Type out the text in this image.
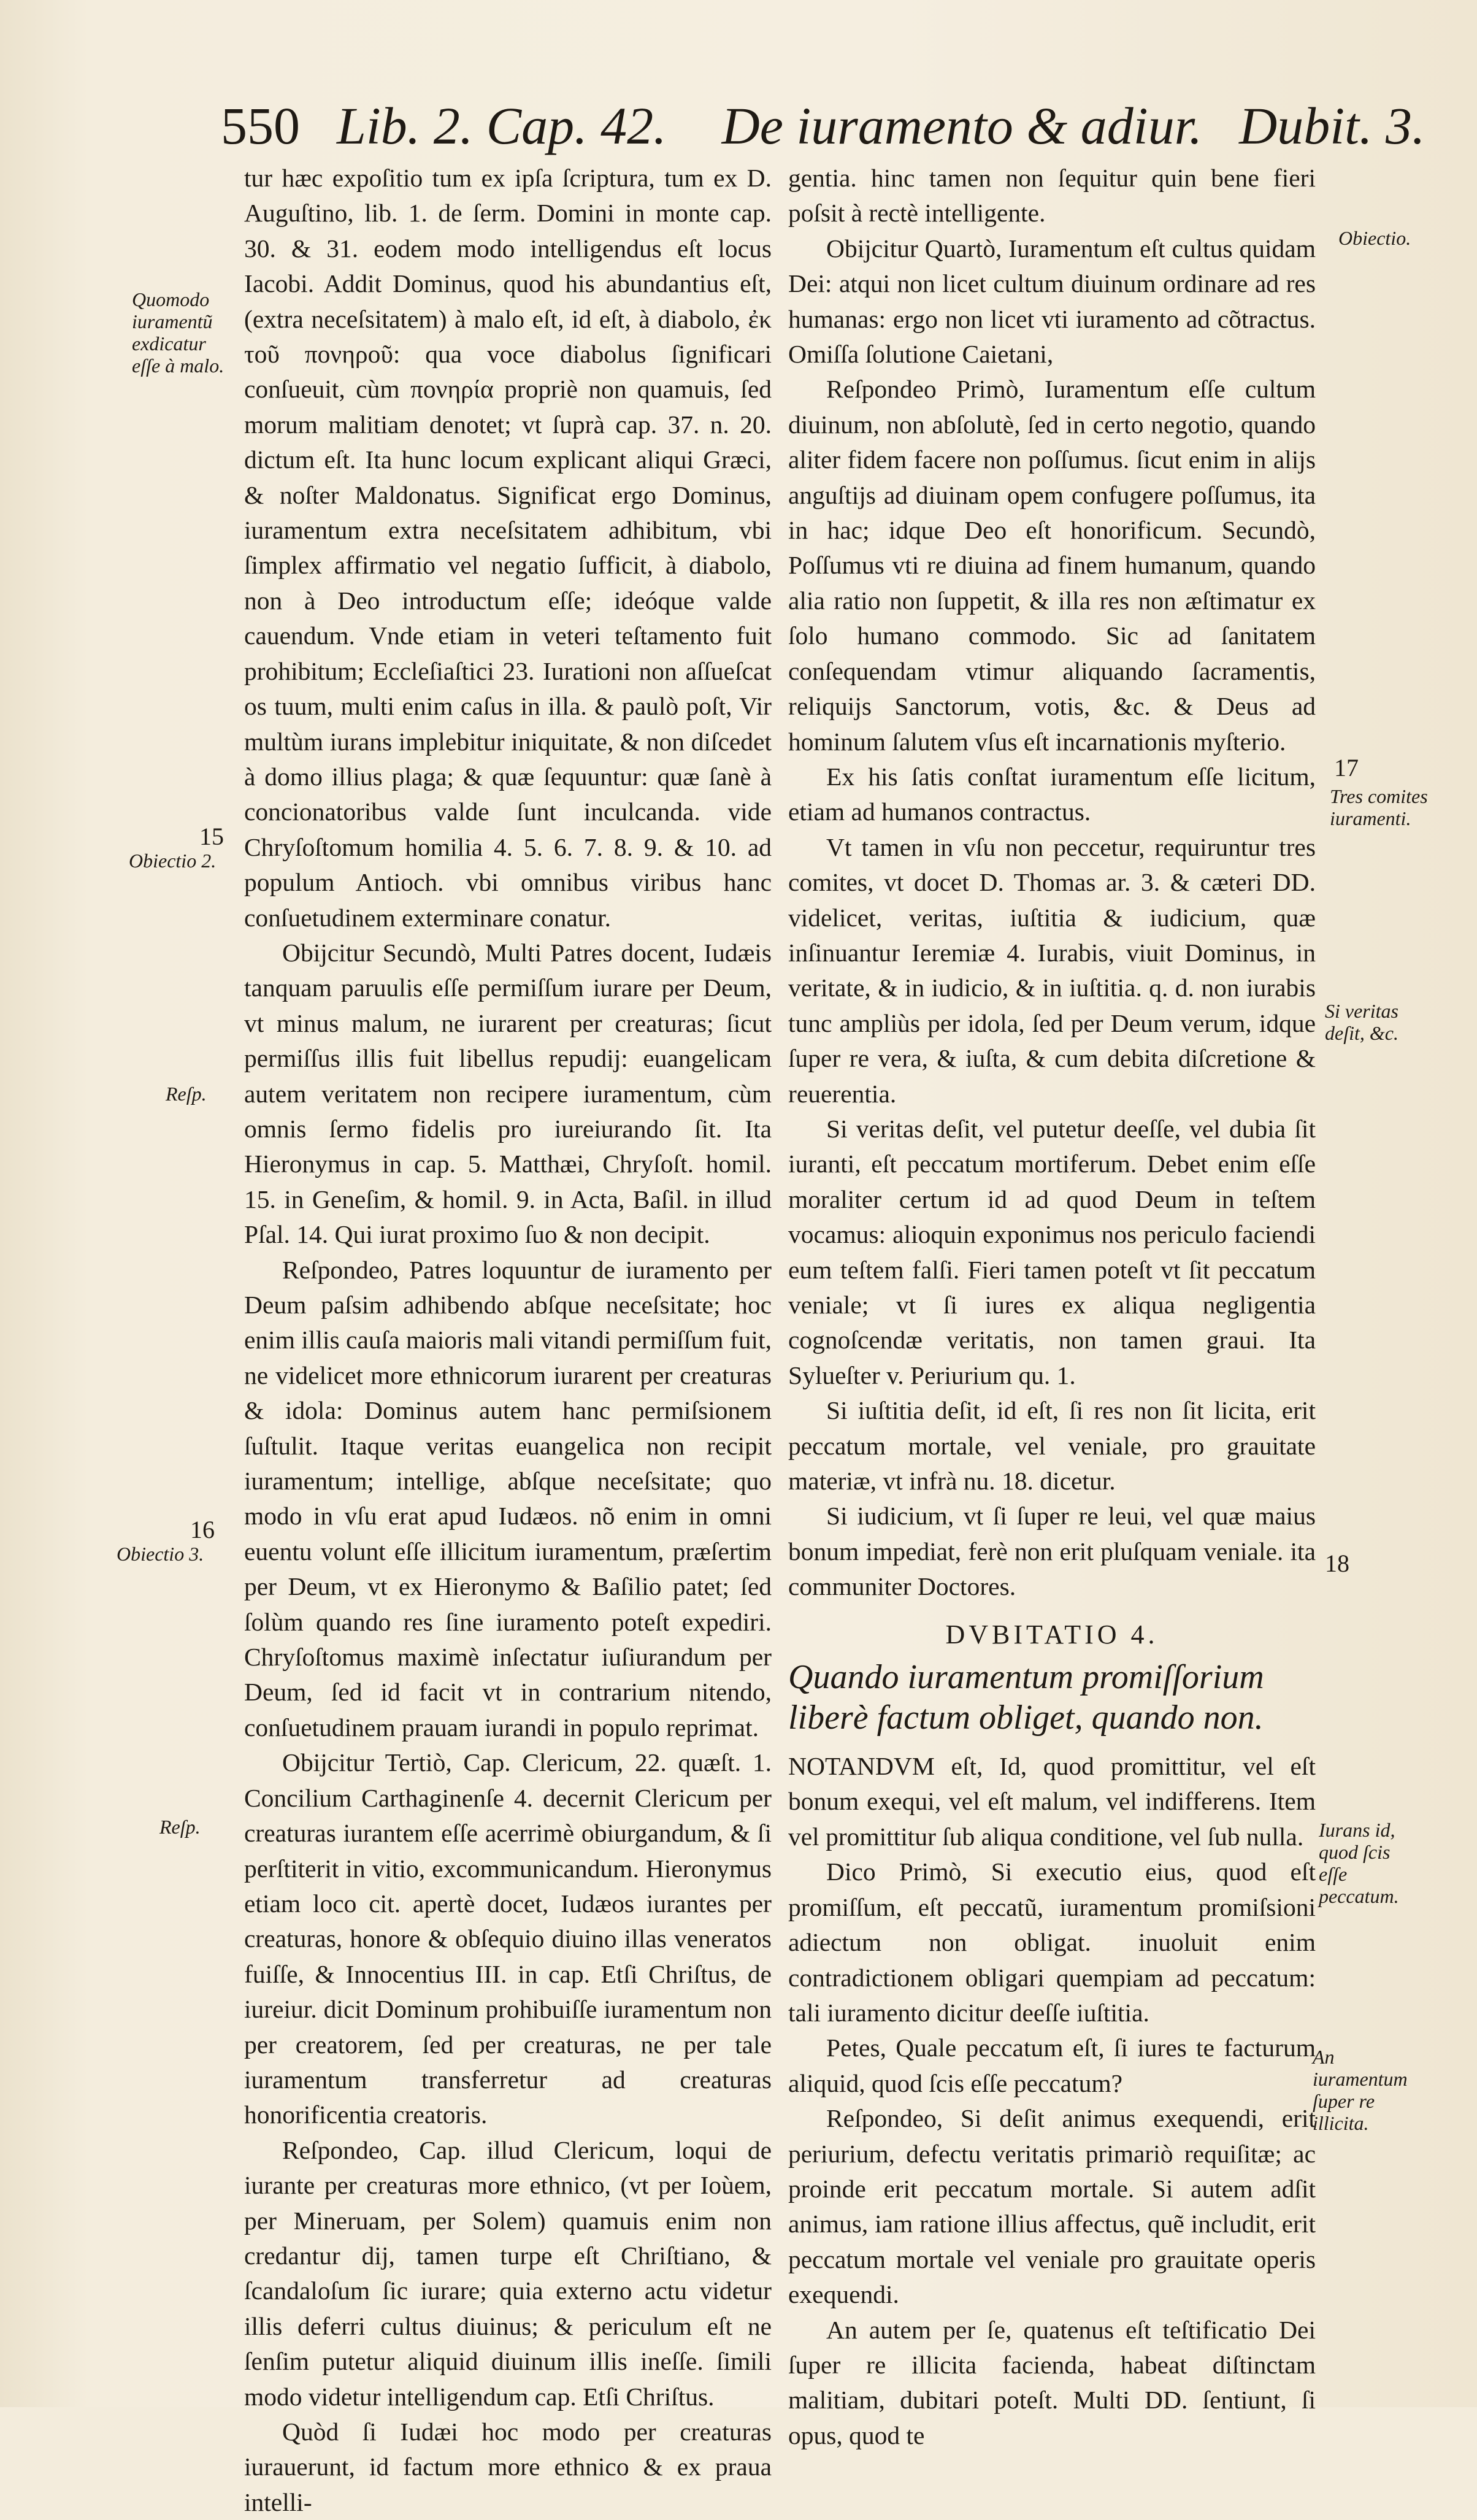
550 Lib. 2. Cap. 42. De iuramento & adiur. Dubit. 3.

tur hæc expoſitio tum ex ipſa ſcriptura, tum ex D. Auguſtino, lib. 1. de ſerm. Domini in monte cap. 30. & 31. eodem modo intelligendus eſt locus Iacobi. Addit Dominus, quod his abundantius eſt, (extra neceſsitatem) à malo eſt, id eſt, à diabolo, ἐκ τοῦ πονηροῦ: qua voce diabolus ſignificari conſueuit, cùm πονηρία propriè non quamuis, ſed morum malitiam denotet; vt ſuprà cap. 37. n. 20. dictum eſt. Ita hunc locum explicant aliqui Græci, & noſter Maldonatus. Significat ergo Dominus, iuramentum extra neceſsitatem adhibitum, vbi ſimplex affirmatio vel negatio ſufficit, à diabolo, non à Deo introductum eſſe; ideóque valde cauendum. Vnde etiam in veteri teſtamento fuit prohibitum; Eccleſiaſtici 23. Iurationi non aſſueſcat os tuum, multi enim caſus in illa. & paulò poſt, Vir multùm iurans implebitur iniquitate, & non diſcedet à domo illius plaga; & quæ ſequuntur: quæ ſanè à concionatoribus valde ſunt inculcanda. vide Chryſoſtomum homilia 4. 5. 6. 7. 8. 9. & 10. ad populum Antioch. vbi omnibus viribus hanc conſuetudinem exterminare conatur.

Obijcitur Secundò, Multi Patres docent, Iudæis tanquam paruulis eſſe permiſſum iurare per Deum, vt minus malum, ne iurarent per creaturas; ſicut permiſſus illis fuit libellus repudij: euangelicam autem veritatem non recipere iuramentum, cùm omnis ſermo fidelis pro iureiurando ſit. Ita Hieronymus in cap. 5. Matthæi, Chryſoſt. homil. 15. in Geneſim, & homil. 9. in Acta, Baſil. in illud Pſal. 14. Qui iurat proximo ſuo & non decipit.

Reſpondeo, Patres loquuntur de iuramento per Deum paſsim adhibendo abſque neceſsitate; hoc enim illis cauſa maioris mali vitandi permiſſum fuit, ne videlicet more ethnicorum iurarent per creaturas & idola: Dominus autem hanc permiſsionem ſuſtulit. Itaque veritas euangelica non recipit iuramentum; intellige, abſque neceſsitate; quo modo in vſu erat apud Iudæos. nõ enim in omni euentu volunt eſſe illicitum iuramentum, præſertim per Deum, vt ex Hieronymo & Baſilio patet; ſed ſolùm quando res ſine iuramento poteſt expediri. Chryſoſtomus maximè inſectatur iuſiurandum per Deum, ſed id facit vt in contrarium nitendo, conſuetudinem prauam iurandi in populo reprimat.

Obijcitur Tertiò, Cap. Clericum, 22. quæſt. 1. Concilium Carthaginenſe 4. decernit Clericum per creaturas iurantem eſſe acerrimè obiurgandum, & ſi perſtiterit in vitio, excommunicandum. Hieronymus etiam loco cit. apertè docet, Iudæos iurantes per creaturas, honore & obſequio diuino illas veneratos fuiſſe, & Innocentius III. in cap. Etſi Chriſtus, de iureiur. dicit Dominum prohibuiſſe iuramentum non per creatorem, ſed per creaturas, ne per tale iuramentum transferretur ad creaturas honorificentia creatoris.

Reſpondeo, Cap. illud Clericum, loqui de iurante per creaturas more ethnico, (vt per Ioùem, per Mineruam, per Solem) quamuis enim non credantur dij, tamen turpe eſt Chriſtiano, & ſcandaloſum ſic iurare; quia externo actu videtur illis deferri cultus diuinus; & periculum eſt ne ſenſim putetur aliquid diuinum illis ineſſe. ſimili modo videtur intelligendum cap. Etſi Chriſtus.

Quòd ſi Iudæi hoc modo per creaturas iurauerunt, id factum more ethnico & ex praua intelli-

gentia. hinc tamen non ſequitur quin bene fieri poſsit à rectè intelligente.

Obijcitur Quartò, Iuramentum eſt cultus quidam Dei: atqui non licet cultum diuinum ordinare ad res humanas: ergo non licet vti iuramento ad cõtractus. Omiſſa ſolutione Caietani,

Reſpondeo Primò, Iuramentum eſſe cultum diuinum, non abſolutè, ſed in certo negotio, quando aliter fidem facere non poſſumus. ſicut enim in alijs anguſtijs ad diuinam opem confugere poſſumus, ita in hac; idque Deo eſt honorificum. Secundò, Poſſumus vti re diuina ad finem humanum, quando alia ratio non ſuppetit, & illa res non æſtimatur ex ſolo humano commodo. Sic ad ſanitatem conſequendam vtimur aliquando ſacramentis, reliquijs Sanctorum, votis, &c. & Deus ad hominum ſalutem vſus eſt incarnationis myſterio.

Ex his ſatis conſtat iuramentum eſſe licitum, etiam ad humanos contractus.

Vt tamen in vſu non peccetur, requiruntur tres comites, vt docet D. Thomas ar. 3. & cæteri DD. videlicet, veritas, iuſtitia & iudicium, quæ inſinuantur Ieremiæ 4. Iurabis, viuit Dominus, in veritate, & in iudicio, & in iuſtitia. q. d. non iurabis tunc ampliùs per idola, ſed per Deum verum, idque ſuper re vera, & iuſta, & cum debita diſcretione & reuerentia.

Si veritas deſit, vel putetur deeſſe, vel dubia ſit iuranti, eſt peccatum mortiferum. Debet enim eſſe moraliter certum id ad quod Deum in teſtem vocamus: alioquin exponimus nos periculo faciendi eum teſtem falſi. Fieri tamen poteſt vt ſit peccatum veniale; vt ſi iures ex aliqua negligentia cognoſcendæ veritatis, non tamen graui. Ita Sylueſter v. Periurium qu. 1.

Si iuſtitia deſit, id eſt, ſi res non ſit licita, erit peccatum mortale, vel veniale, pro grauitate materiæ, vt infrà nu. 18. dicetur.

Si iudicium, vt ſi ſuper re leui, vel quæ maius bonum impediat, ferè non erit pluſquam veniale. ita communiter Doctores.

DVBITATIO 4.
Quando iuramentum promiſſorium liberè factum obliget, quando non.

NOTANDVM eſt, Id, quod promittitur, vel eſt bonum exequi, vel eſt malum, vel indifferens. Item vel promittitur ſub aliqua conditione, vel ſub nulla.

Dico Primò, Si executio eius, quod eſt promiſſum, eſt peccatũ, iuramentum promiſsioni adiectum non obligat. inuoluit enim contradictionem obligari quempiam ad peccatum: tali iuramento dicitur deeſſe iuſtitia.

Petes, Quale peccatum eſt, ſi iures te facturum aliquid, quod ſcis eſſe peccatum?

Reſpondeo, Si deſit animus exequendi, erit periurium, defectu veritatis primariò requiſitæ; ac proinde erit peccatum mortale. Si autem adſit animus, iam ratione illius affectus, quẽ includit, erit peccatum mortale vel veniale pro grauitate operis exequendi.

An autem per ſe, quatenus eſt teſtificatio Dei ſuper re illicita facienda, habeat diſtinctam malitiam, dubitari poteſt. Multi DD. ſentiunt, ſi opus, quod te

Quomodo iuramentũ exdicatur eſſe à malo.
Obiectio 2.
Reſp.
Obiectio 3.
Reſp.
Obiectio.
Tres comites iuramenti.
Si veritas deſit, &c.
Iurans id, quod ſcis eſſe peccatum.
An iuramentum ſuper re illicita.
15
16
17
18
